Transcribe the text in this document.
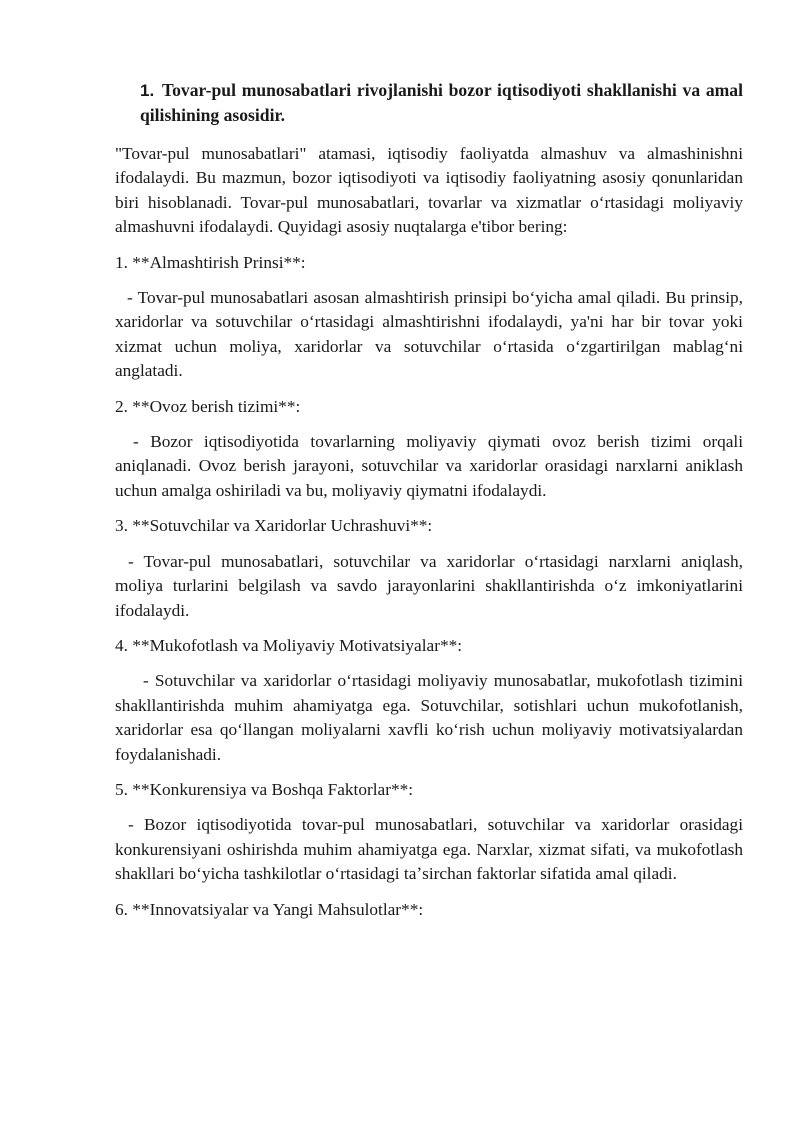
1. Tovar-pul munosabatlari rivojlanishi bozor iqtisodiyoti shakllanishi va amal qilishining asosidir.

"Tovar-pul munosabatlari" atamasi, iqtisodiy faoliyatda almashuv va almashinishni ifodalaydi. Bu mazmun, bozor iqtisodiyoti va iqtisodiy faoliyatning asosiy qonunlaridan biri hisoblanadi. Tovar-pul munosabatlari, tovarlar va xizmatlar oʻrtasidagi moliyaviy almashuvni ifodalaydi. Quyidagi asosiy nuqtalarga e'tibor bering:

1. **Almashtirish Prinsi**:

- Tovar-pul munosabatlari asosan almashtirish prinsipi boʻyicha amal qiladi. Bu prinsip, xaridorlar va sotuvchilar oʻrtasidagi almashtirishni ifodalaydi, ya'ni har bir tovar yoki xizmat uchun moliya, xaridorlar va sotuvchilar oʻrtasida oʻzgartirilgan mablagʻni anglatadi.

2. **Ovoz berish tizimi**:

- Bozor iqtisodiyotida tovarlarning moliyaviy qiymati ovoz berish tizimi orqali aniqlanadi. Ovoz berish jarayoni, sotuvchilar va xaridorlar orasidagi narxlarni aniklash uchun amalga oshiriladi va bu, moliyaviy qiymatni ifodalaydi.

3. **Sotuvchilar va Xaridorlar Uchrashuvi**:

- Tovar-pul munosabatlari, sotuvchilar va xaridorlar oʻrtasidagi narxlarni aniqlash, moliya turlarini belgilash va savdo jarayonlarini shakllantirishda oʻz imkoniyatlarini ifodalaydi.

4. **Mukofotlash va Moliyaviy Motivatsiyalar**:

- Sotuvchilar va xaridorlar oʻrtasidagi moliyaviy munosabatlar, mukofotlash tizimini shakllantirishda muhim ahamiyatga ega. Sotuvchilar, sotishlari uchun mukofotlanish, xaridorlar esa qoʻllangan moliyalarni xavfli koʻrish uchun moliyaviy motivatsiyalardan foydalanishadi.

5. **Konkurensiya va Boshqa Faktorlar**:

- Bozor iqtisodiyotida tovar-pul munosabatlari, sotuvchilar va xaridorlar orasidagi konkurensiyani oshirishda muhim ahamiyatga ega. Narxlar, xizmat sifati, va mukofotlash shakllari boʻyicha tashkilotlar oʻrtasidagi taʼsirchan faktorlar sifatida amal qiladi.

6. **Innovatsiyalar va Yangi Mahsulotlar**:
